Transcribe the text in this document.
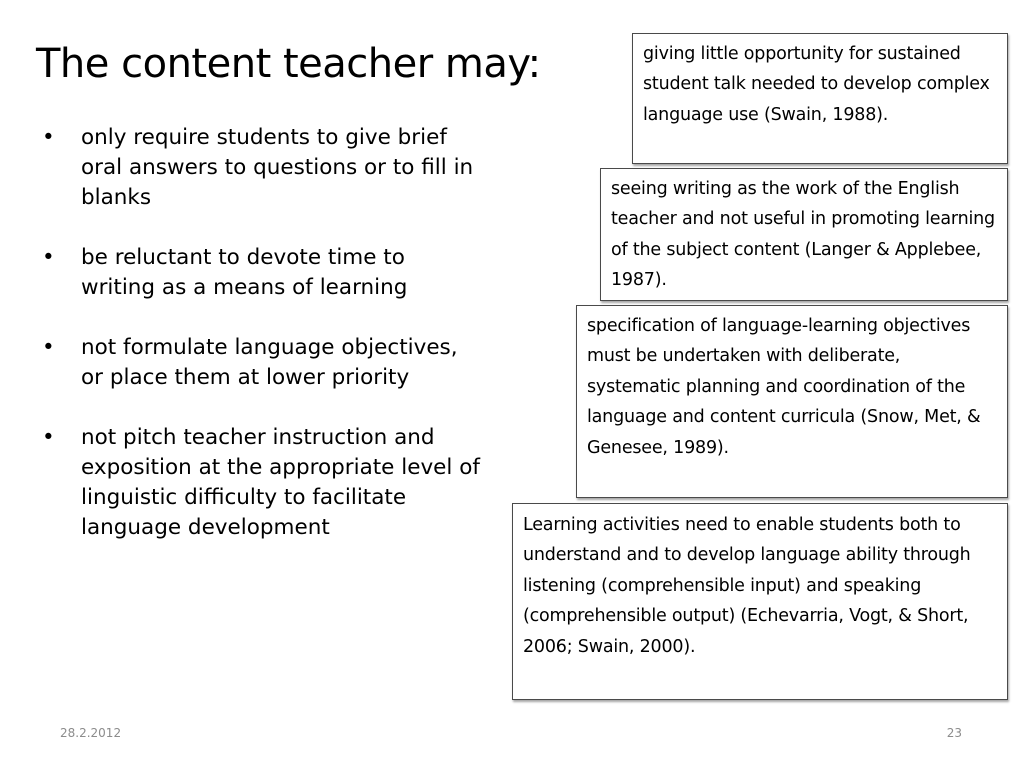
The content teacher may:
• only require students to give brief oral answers to questions or to fill in blanks
• be reluctant to devote time to writing as a means of learning
• not formulate language objectives, or place them at lower priority
• not pitch teacher instruction and exposition at the appropriate level of linguistic difficulty to facilitate language development
giving little opportunity for sustained student talk needed to develop complex language use (Swain, 1988).
seeing writing as the work of the English teacher and not useful in promoting learning of the subject content (Langer & Applebee, 1987).
specification of language-learning objectives must be undertaken with deliberate, systematic planning and coordination of the language and content curricula (Snow, Met, & Genesee, 1989).
Learning activities need to enable students both to understand and to develop language ability through listening (comprehensible input) and speaking (comprehensible output) (Echevarria, Vogt, & Short, 2006; Swain, 2000).
28.2.2012	23
